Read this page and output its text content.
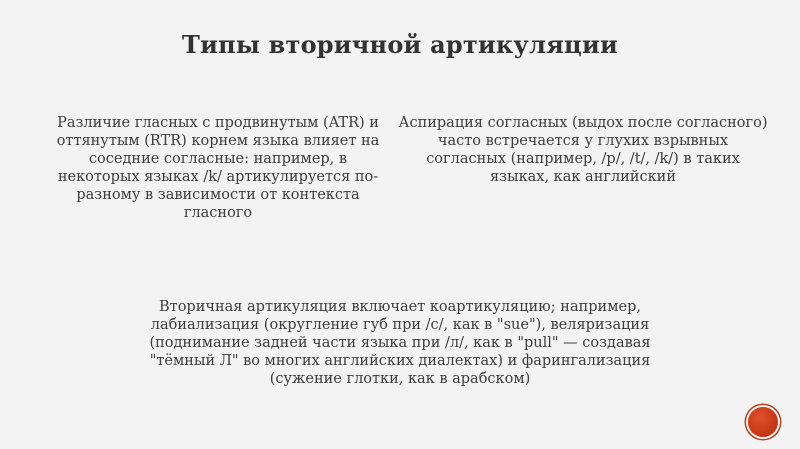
Типы вторичной артикуляции
Различие гласных с продвинутым (ATR) и оттянутым (RTR) корнем языка влияет на соседние согласные: например, в некоторых языках /k/ артикулируется по-разному в зависимости от контекста гласного
Аспирация согласных (выдох после согласного) часто встречается у глухих взрывных согласных (например, /p/, /t/, /k/) в таких языках, как английский
Вторичная артикуляция включает коартикуляцию; например, лабиализация (округление губ при /c/, как в "sue"), веляризация (поднимание задней части языка при /л/, как в "pull" — создавая "тёмный Л" во многих английских диалектах) и фарингализация (сужение глотки, как в арабском)
